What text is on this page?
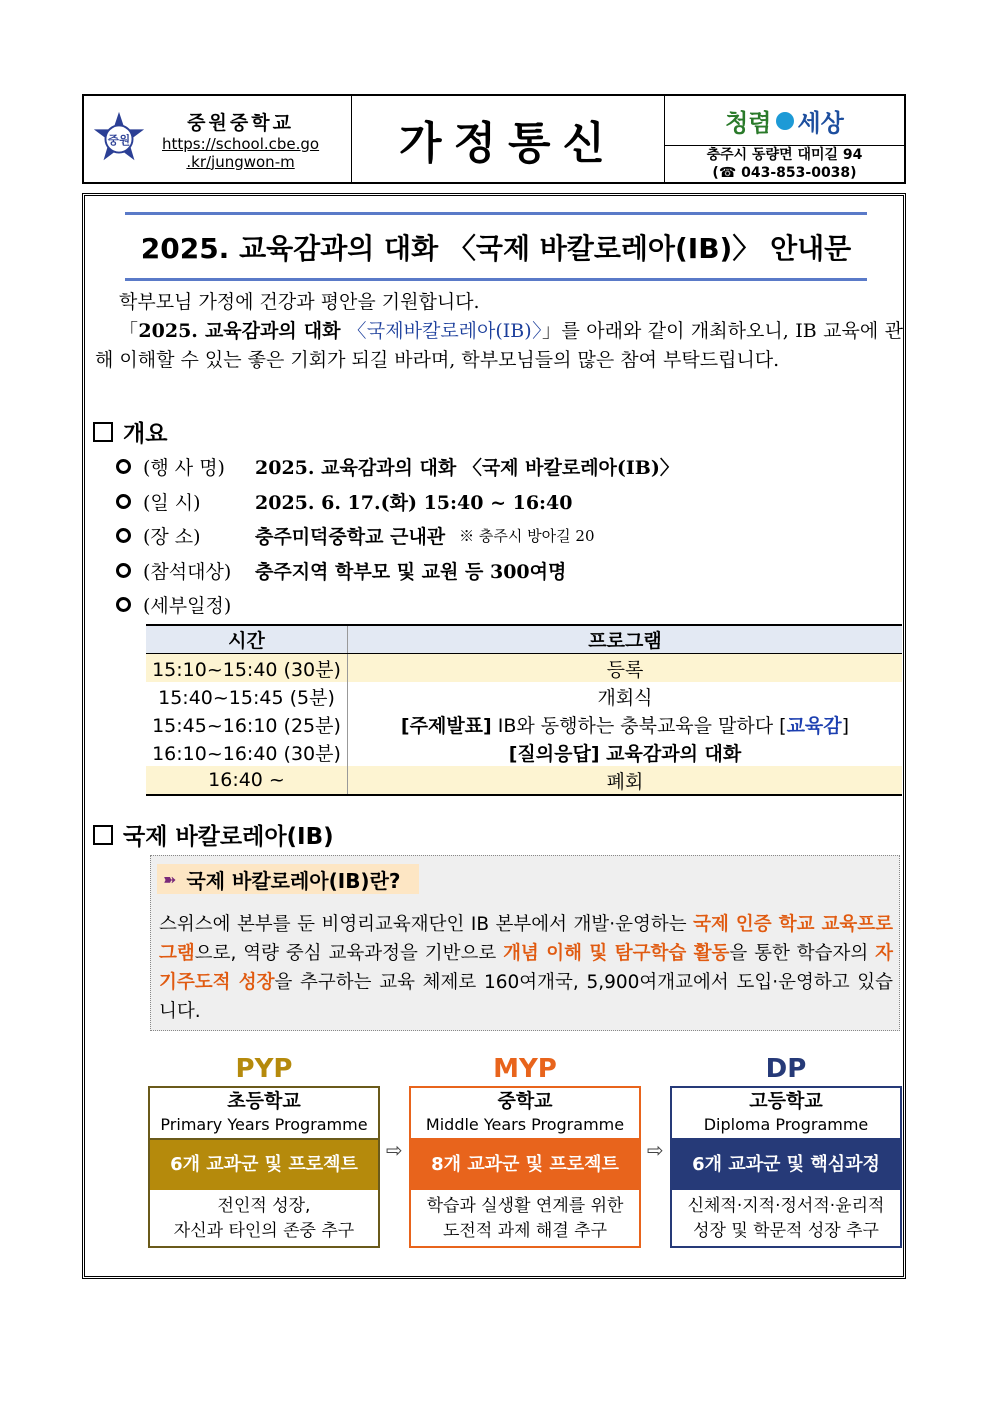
중원
중원중학교
https://school.cbe.go
.kr/jungwon-m	가정통신	청렴 세상
충주시 동량면 대미길 94
(☎ 043-853-0038)
2025. 교육감과의 대화 〈국제 바칼로레아(IB)〉 안내문

학부모님 가정에 건강과 평안을 기원합니다.

「2025. 교육감과의 대화 〈국제바칼로레아(IB)〉」를 아래와 같이 개최하오니, IB 교육에 관해 이해할 수 있는 좋은 기회가 되길 바라며, 학부모님들의 많은 참여 부탁드립니다.

개요
(행 사 명)	2025. 교육감과의 대화 〈국제 바칼로레아(IB)〉
(일 시)	2025. 6. 17.(화) 15:40 ~ 16:40
(장 소)	충주미덕중학교 근내관 ※ 충주시 방아길 20
(참석대상)	충주지역 학부모 및 교원 등 300여명
(세부일정)
시간	프로그램
15:10~15:40 (30분)	등록
15:40~15:45 (5분)	개회식
15:45~16:10 (25분)	[주제발표] IB와 동행하는 충북교육을 말하다 [교육감]
16:10~16:40 (30분)	[질의응답] 교육감과의 대화
16:40 ~	폐회
국제 바칼로레아(IB)
➽ 국제 바칼로레아(IB)란?
스위스에 본부를 둔 비영리교육재단인 IB 본부에서 개발·운영하는 국제 인증 학교 교육프로그램으로, 역량 중심 교육과정을 기반으로 개념 이해 및 탐구학습 활동을 통한 학습자의 자기주도적 성장을 추구하는 교육 체제로 160여개국, 5,900여개교에서 도입·운영하고 있습니다.
PYP
초등학교
Primary Years Programme
6개 교과군 및 프로젝트
전인적 성장,
자신과 타인의 존중 추구
⇨
MYP
중학교
Middle Years Programme
8개 교과군 및 프로젝트
학습과 실생활 연계를 위한
도전적 과제 해결 추구
⇨
DP
고등학교
Diploma Programme
6개 교과군 및 핵심과정
신체적·지적·정서적·윤리적
성장 및 학문적 성장 추구
